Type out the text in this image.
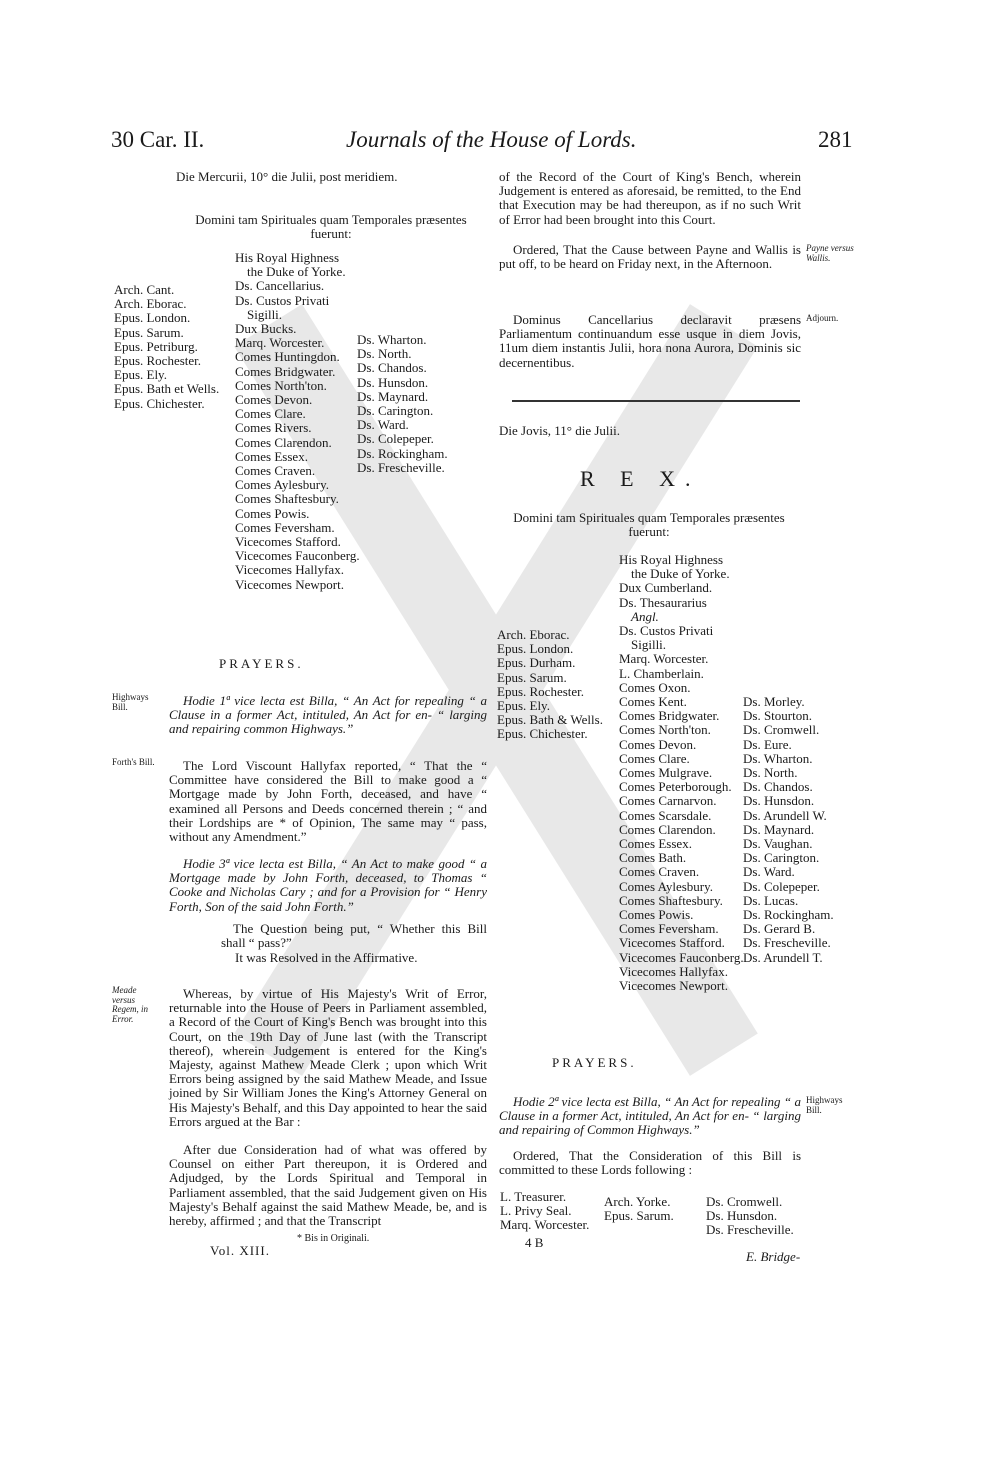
30 Car. II.	Journals of the House of Lords.	281
Die Mercurii, 10° die Julii, post meridiem.
Domini tam Spirituales quam Temporales præsentes fuerunt:
Arch. Cant.
Arch. Eborac.
Epus. London.
Epus. Sarum.
Epus. Petriburg.
Epus. Rochester.
Epus. Ely.
Epus. Bath et Wells.
Epus. Chichester.
His Royal Highness
the Duke of Yorke.
Ds. Cancellarius.
Ds. Custos Privati
Sigilli.
Dux Bucks.
Marq. Worcester.
Comes Huntingdon.
Comes Bridgwater.
Comes North'ton.
Comes Devon.
Comes Clare.
Comes Rivers.
Comes Clarendon.
Comes Essex.
Comes Craven.
Comes Aylesbury.
Comes Shaftesbury.
Comes Powis.
Comes Feversham.
Vicecomes Stafford.
Vicecomes Fauconberg.
Vicecomes Hallyfax.
Vicecomes Newport.
Ds. Wharton.
Ds. North.
Ds. Chandos.
Ds. Hunsdon.
Ds. Maynard.
Ds. Carington.
Ds. Ward.
Ds. Colepeper.
Ds. Rockingham.
Ds. Frescheville.
PRAYERS.
Highways Bill.	Hodie 1ª vice lecta est Billa, “ An Act for repealing “ a Clause in a former Act, intituled, An Act for en- “ larging and repairing common Highways.”
Forth's Bill.	The Lord Viscount Hallyfax reported, “ That the “ Committee have considered the Bill to make good a “ Mortgage made by John Forth, deceased, and have “ examined all Persons and Deeds concerned therein ; “ and their Lordships are * of Opinion, The same may “ pass, without any Amendment.”
Hodie 3ª vice lecta est Billa, “ An Act to make good “ a Mortgage made by John Forth, deceased, to Thomas “ Cooke and Nicholas Cary ; and for a Provision for “ Henry Forth, Son of the said John Forth.”
The Question being put, “ Whether this Bill shall “ pass?”
It was Resolved in the Affirmative.
Meade versus Regem, in Error.
Whereas, by virtue of His Majesty's Writ of Error, returnable into the House of Peers in Parliament assembled, a Record of the Court of King's Bench was brought into this Court, on the 19th Day of June last (with the Transcript thereof), wherein Judgement is entered for the King's Majesty, against Mathew Meade Clerk ; upon which Writ Errors being assigned by the said Mathew Meade, and Issue joined by Sir William Jones the King's Attorney General on His Majesty's Behalf, and this Day appointed to hear the said Errors argued at the Bar :
After due Consideration had of what was offered by Counsel on either Part thereupon, it is Ordered and Adjudged, by the Lords Spiritual and Temporal in Parliament assembled, that the said Judgement given on His Majesty's Behalf against the said Mathew Meade, be, and is hereby, affirmed ; and that the Transcript
* Bis in Originali.
Vol. XIII.
of the Record of the Court of King's Bench, wherein Judgement is entered as aforesaid, be remitted, to the End that Execution may be had thereupon, as if no such Writ of Error had been brought into this Court.
Ordered, That the Cause between Payne and Wallis is put off, to be heard on Friday next, in the Afternoon.
Payne versus Wallis.
Dominus Cancellarius declaravit præsens Parliamentum continuandum esse usque in diem Jovis, 11um diem instantis Julii, hora nona Aurora, Dominis sic decernentibus.
Adjourn.
Die Jovis, 11° die Julii.
R E X.
Domini tam Spirituales quam Temporales præsentes fuerunt:
Arch. Eborac.
Epus. London.
Epus. Durham.
Epus. Sarum.
Epus. Rochester.
Epus. Ely.
Epus. Bath & Wells.
Epus. Chichester.
His Royal Highness
the Duke of Yorke.
Dux Cumberland.
Ds. Thesaurarius
Angl.
Ds. Custos Privati
Sigilli.
Marq. Worcester.
L. Chamberlain.
Comes Oxon.
Comes Kent.
Comes Bridgwater.
Comes North'ton.
Comes Devon.
Comes Clare.
Comes Mulgrave.
Comes Peterborough.
Comes Carnarvon.
Comes Scarsdale.
Comes Clarendon.
Comes Essex.
Comes Bath.
Comes Craven.
Comes Aylesbury.
Comes Shaftesbury.
Comes Powis.
Comes Feversham.
Vicecomes Stafford.
Vicecomes Fauconberg.
Vicecomes Hallyfax.
Vicecomes Newport.
Ds. Morley.
Ds. Stourton.
Ds. Cromwell.
Ds. Eure.
Ds. Wharton.
Ds. North.
Ds. Chandos.
Ds. Hunsdon.
Ds. Arundell W.
Ds. Maynard.
Ds. Vaughan.
Ds. Carington.
Ds. Ward.
Ds. Colepeper.
Ds. Lucas.
Ds. Rockingham.
Ds. Gerard B.
Ds. Frescheville.
Ds. Arundell T.
PRAYERS.
Hodie 2ª vice lecta est Billa, “ An Act for repealing “ a Clause in a former Act, intituled, An Act for en- “ larging and repairing of Common Highways.”
Highways Bill.
Ordered, That the Consideration of this Bill is committed to these Lords following :
L. Treasurer.
L. Privy Seal.
Marq. Worcester.
Arch. Yorke.
Epus. Sarum.
Ds. Cromwell.
Ds. Hunsdon.
Ds. Frescheville.
4 B
E. Bridge-
